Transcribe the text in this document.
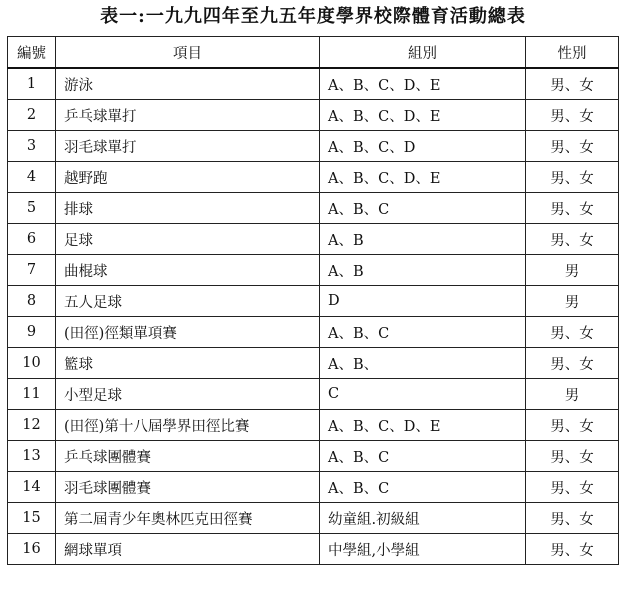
表一:一九九四年至九五年度學界校際體育活動總表
編號	項目	組別	性別
1	游泳	A、B、C、D、E	男、女
2	乒乓球單打	A、B、C、D、E	男、女
3	羽毛球單打	A、B、C、D	男、女
4	越野跑	A、B、C、D、E	男、女
5	排球	A、B、C	男、女
6	足球	A、B	男、女
7	曲棍球	A、B	男
8	五人足球	D	男
9	(田徑)徑類單項賽	A、B、C	男、女
10	籃球	A、B、	男、女
11	小型足球	C	男
12	(田徑)第十八屆學界田徑比賽	A、B、C、D、E	男、女
13	乒乓球團體賽	A、B、C	男、女
14	羽毛球團體賽	A、B、C	男、女
15	第二屆青少年奧林匹克田徑賽	幼童組.初級組	男、女
16	網球單項	中學組,小學組	男、女
